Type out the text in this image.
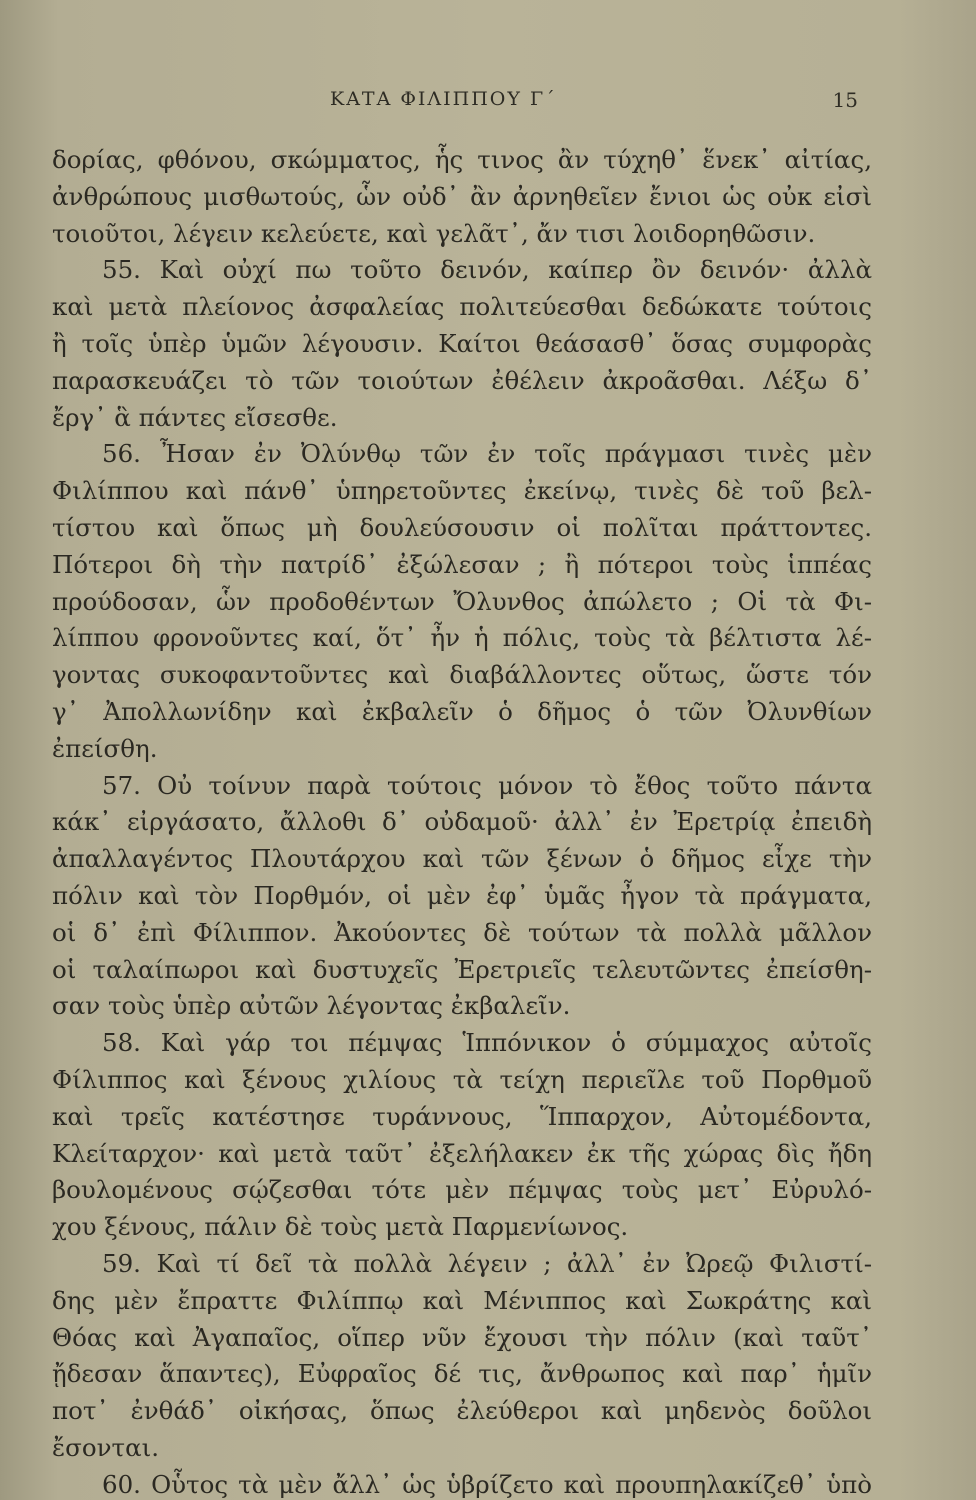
ΚΑΤΑ ΦΙΛΙΠΠΟΥ Γ΄	15
δορίας, φθόνου, σκώμματος, ἧς τινος ἂν τύχηθ᾽ ἕνεκ᾽ αἰτίας,
ἀνθρώπους μισθωτούς, ὧν οὐδ᾽ ἂν ἀρνηθεῖεν ἔνιοι ὡς οὐκ εἰσὶ
τοιοῦτοι, λέγειν κελεύετε, καὶ γελᾶτ᾽, ἄν τισι λοιδορηθῶσιν.
55. Καὶ οὐχί πω τοῦτο δεινόν, καίπερ ὂν δεινόν· ἀλλὰ
καὶ μετὰ πλείονος ἀσφαλείας πολιτεύεσθαι δεδώκατε τούτοις
ἢ τοῖς ὑπὲρ ὑμῶν λέγουσιν. Καίτοι θεάσασθ᾽ ὅσας συμφορὰς
παρασκευάζει τὸ τῶν τοιούτων ἐθέλειν ἀκροᾶσθαι. Λέξω δ᾽
ἔργ᾽ ἃ πάντες εἴσεσθε.
56. Ἦσαν ἐν Ὀλύνθῳ τῶν ἐν τοῖς πράγμασι τινὲς μὲν
Φιλίππου καὶ πάνθ᾽ ὑπηρετοῦντες ἐκείνῳ, τινὲς δὲ τοῦ βελ-
τίστου καὶ ὅπως μὴ δουλεύσουσιν οἱ πολῖται πράττοντες.
Πότεροι δὴ τὴν πατρίδ᾽ ἐξώλεσαν ; ἢ πότεροι τοὺς ἱππέας
προύδοσαν, ὧν προδοθέντων Ὄλυνθος ἀπώλετο ; Οἱ τὰ Φι-
λίππου φρονοῦντες καί, ὅτ᾽ ἦν ἡ πόλις, τοὺς τὰ βέλτιστα λέ-
γοντας συκοφαντοῦντες καὶ διαβάλλοντες οὕτως, ὥστε τόν
γ᾽ Ἀπολλωνίδην καὶ ἐκβαλεῖν ὁ δῆμος ὁ τῶν Ὀλυνθίων
ἐπείσθη.
57. Οὐ τοίνυν παρὰ τούτοις μόνον τὸ ἔθος τοῦτο πάντα
κάκ᾽ εἰργάσατο, ἄλλοθι δ᾽ οὐδαμοῦ· ἀλλ᾽ ἐν Ἐρετρίᾳ ἐπειδὴ
ἀπαλλαγέντος Πλουτάρχου καὶ τῶν ξένων ὁ δῆμος εἶχε τὴν
πόλιν καὶ τὸν Πορθμόν, οἱ μὲν ἐφ᾽ ὑμᾶς ἦγον τὰ πράγματα,
οἱ δ᾽ ἐπὶ Φίλιππον. Ἀκούοντες δὲ τούτων τὰ πολλὰ μᾶλλον
οἱ ταλαίπωροι καὶ δυστυχεῖς Ἐρετριεῖς τελευτῶντες ἐπείσθη-
σαν τοὺς ὑπὲρ αὐτῶν λέγοντας ἐκβαλεῖν.
58. Καὶ γάρ τοι πέμψας Ἱππόνικον ὁ σύμμαχος αὐτοῖς
Φίλιππος καὶ ξένους χιλίους τὰ τείχη περιεῖλε τοῦ Πορθμοῦ
καὶ τρεῖς κατέστησε τυράννους, Ἵππαρχον, Αὐτομέδοντα,
Κλείταρχον· καὶ μετὰ ταῦτ᾽ ἐξελήλακεν ἐκ τῆς χώρας δὶς ἤδη
βουλομένους σῴζεσθαι τότε μὲν πέμψας τοὺς μετ᾽ Εὐρυλό-
χου ξένους, πάλιν δὲ τοὺς μετὰ Παρμενίωνος.
59. Καὶ τί δεῖ τὰ πολλὰ λέγειν ; ἀλλ᾽ ἐν Ὠρεῷ Φιλιστί-
δης μὲν ἔπραττε Φιλίππῳ καὶ Μένιππος καὶ Σωκράτης καὶ
Θόας καὶ Ἀγαπαῖος, οἵπερ νῦν ἔχουσι τὴν πόλιν (καὶ ταῦτ᾽
ᾔδεσαν ἅπαντες), Εὐφραῖος δέ τις, ἄνθρωπος καὶ παρ᾽ ἡμῖν
ποτ᾽ ἐνθάδ᾽ οἰκήσας, ὅπως ἐλεύθεροι καὶ μηδενὸς δοῦλοι
ἔσονται.
60. Οὗτος τὰ μὲν ἄλλ᾽ ὡς ὑβρίζετο καὶ προυπηλακίζεθ᾽ ὑπὸ
